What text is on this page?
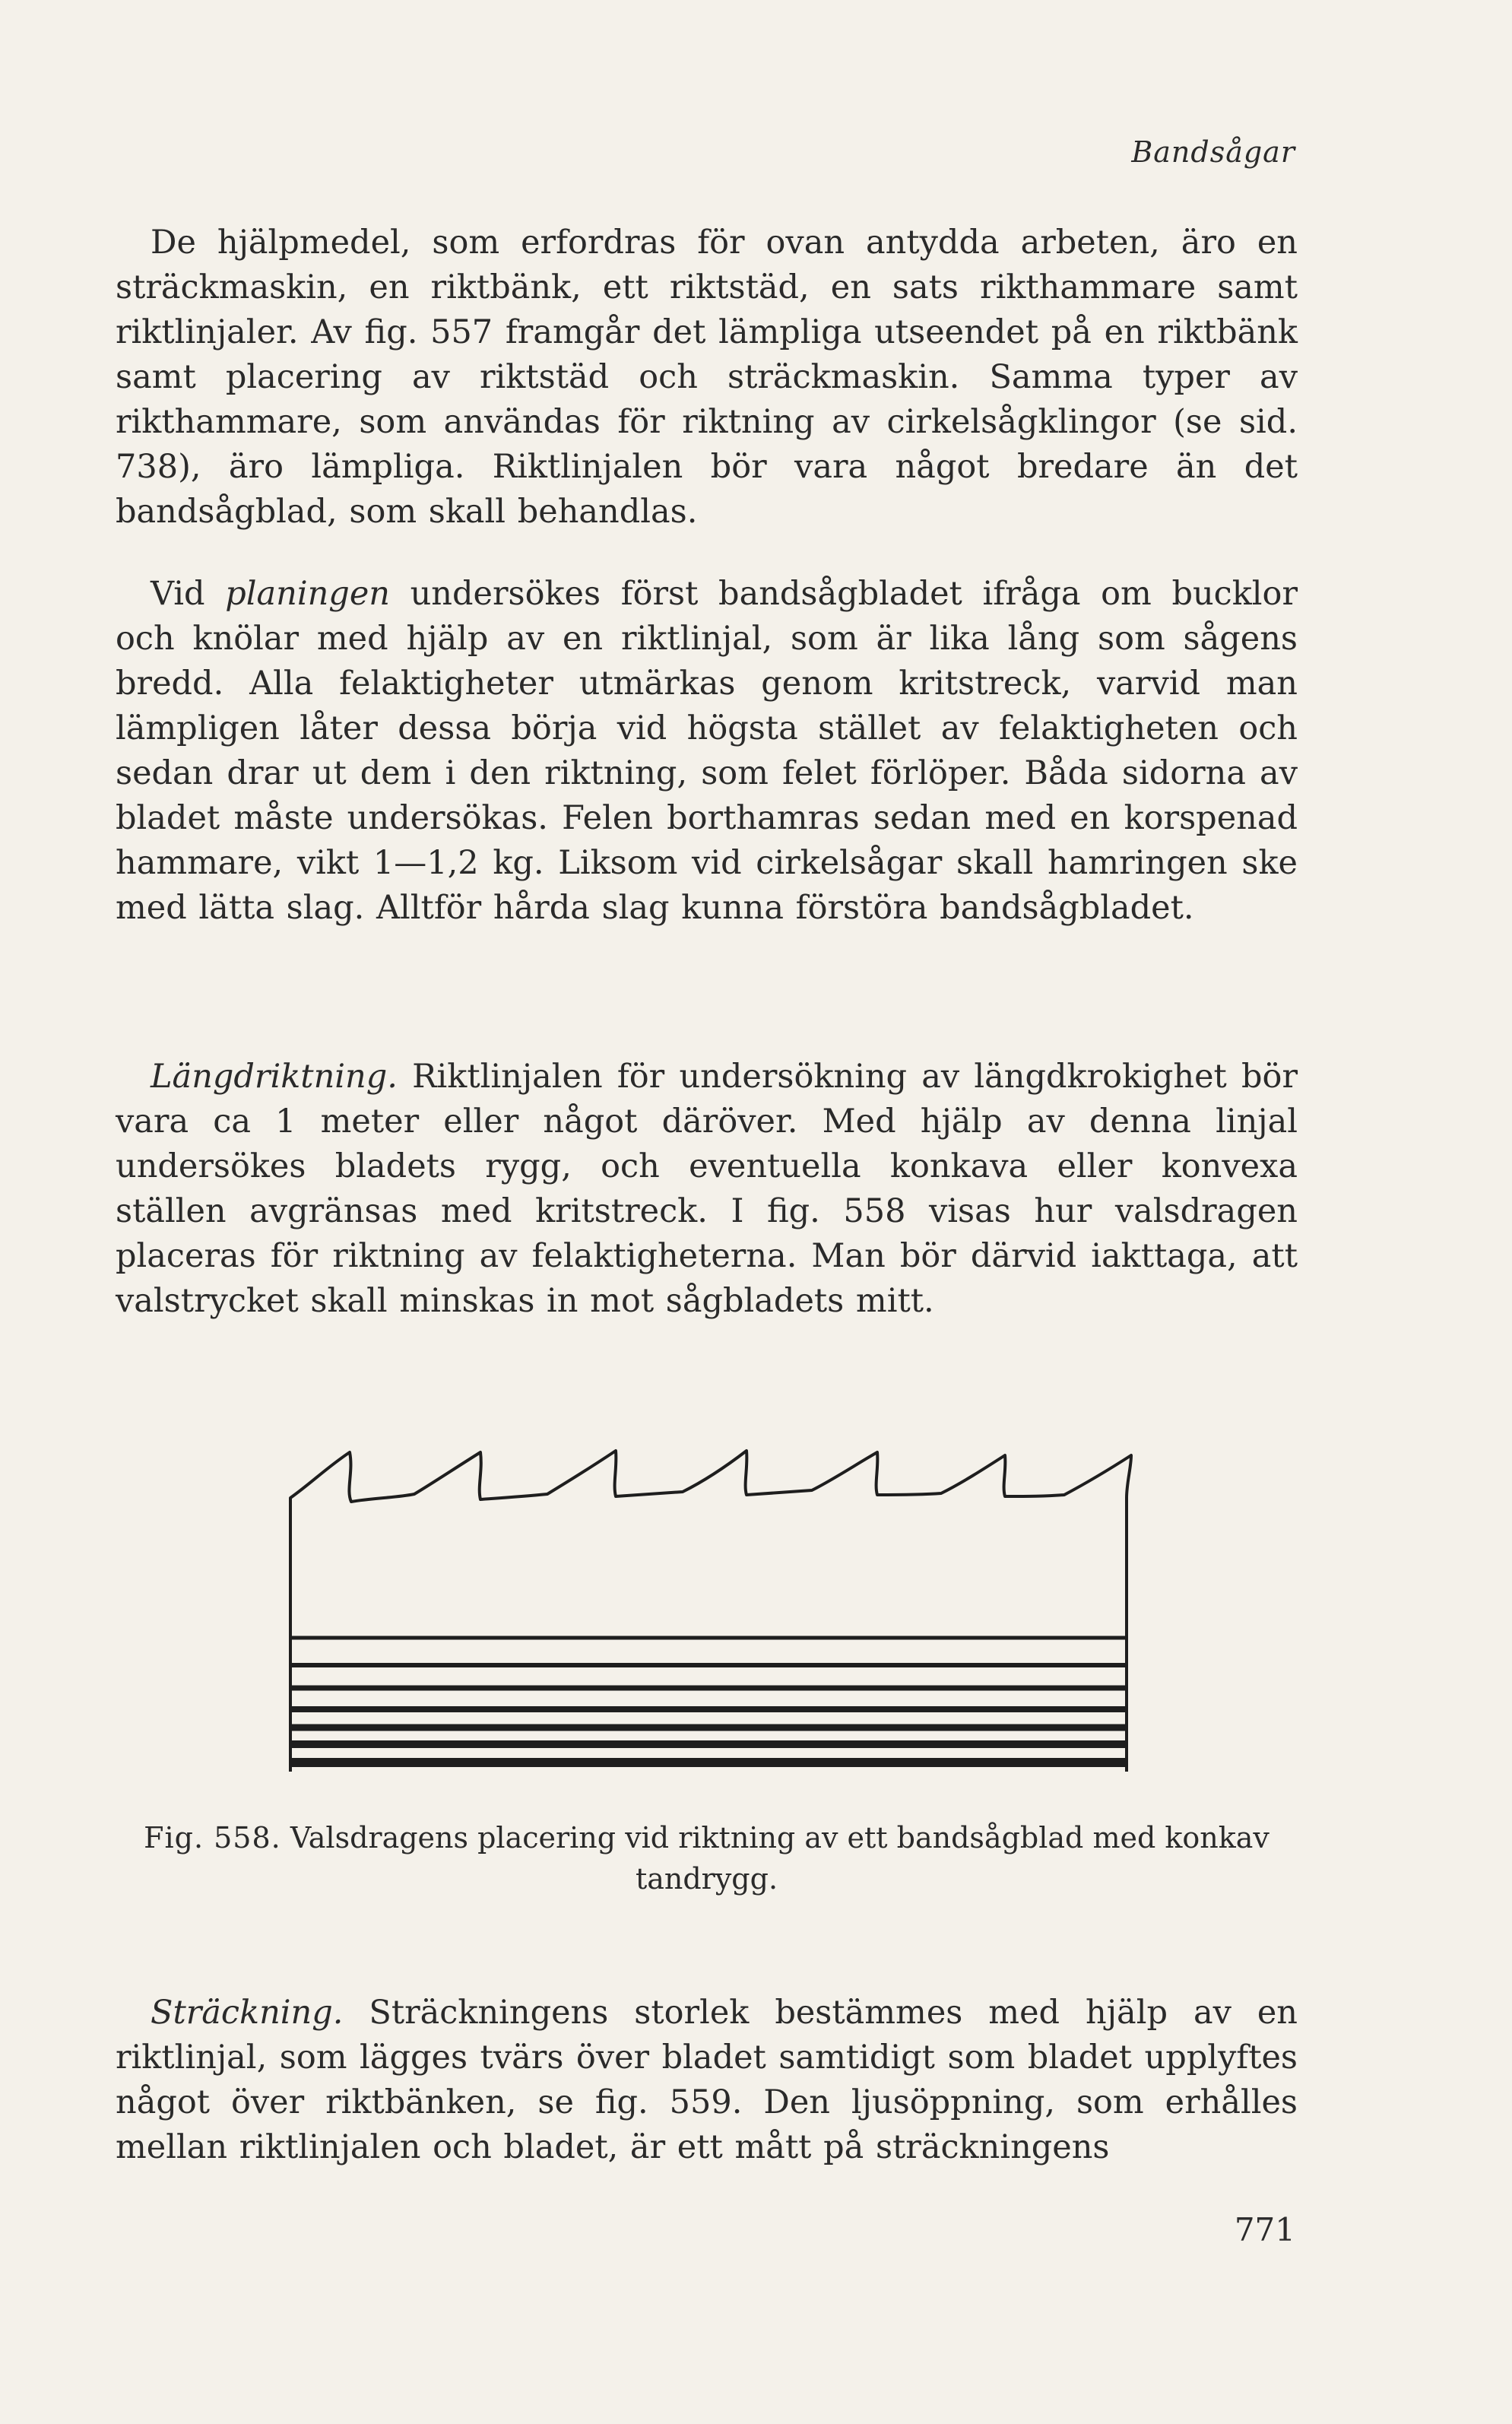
Bandsågar

De hjälpmedel, som erfordras för ovan antydda arbeten, äro en sträckmaskin, en riktbänk, ett riktstäd, en sats rikthammare samt riktlinjaler. Av fig. 557 framgår det lämpliga utseendet på en riktbänk samt placering av riktstäd och sträckmaskin. Samma typer av rikthammare, som användas för riktning av cirkelsågklingor (se sid. 738), äro lämpliga. Riktlinjalen bör vara något bredare än det bandsågblad, som skall behandlas.

Vid planingen undersökes först bandsågbladet ifråga om bucklor och knölar med hjälp av en riktlinjal, som är lika lång som sågens bredd. Alla felaktigheter utmärkas genom kritstreck, varvid man lämpligen låter dessa börja vid högsta stället av felaktigheten och sedan drar ut dem i den riktning, som felet förlöper. Båda sidorna av bladet måste undersökas. Felen borthamras sedan med en korspenad hammare, vikt 1—1,2 kg. Liksom vid cirkelsågar skall hamringen ske med lätta slag. Alltför hårda slag kunna förstöra bandsågbladet.

Längdriktning. Riktlinjalen för undersökning av längdkrokighet bör vara ca 1 meter eller något däröver. Med hjälp av denna linjal undersökes bladets rygg, och eventuella konkava eller konvexa ställen avgränsas med kritstreck. I fig. 558 visas hur valsdragen placeras för riktning av felaktigheterna. Man bör därvid iakttaga, att valstrycket skall minskas in mot sågbladets mitt.

Fig. 558. Valsdragens placering vid riktning av ett bandsågblad med konkav tandrygg.

Sträckning. Sträckningens storlek bestämmes med hjälp av en riktlinjal, som lägges tvärs över bladet samtidigt som bladet upplyftes något över riktbänken, se fig. 559. Den ljusöppning, som erhålles mellan riktlinjalen och bladet, är ett mått på sträckningens

771
